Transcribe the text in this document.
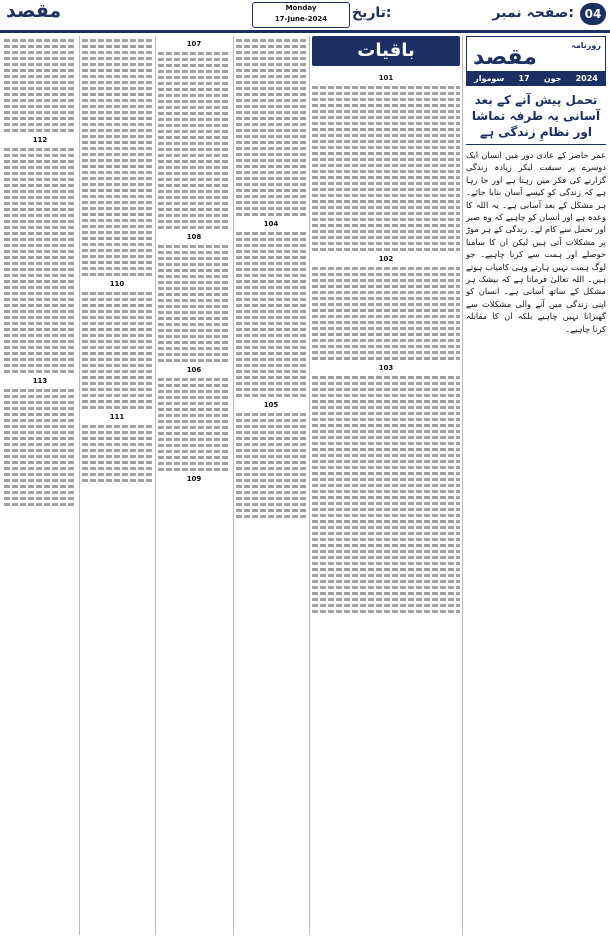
مقصد	Monday
17-June-2024	تاریخ:	صفحہ نمبر: 04
روزنامہ
مقصد
سوموار 17 جون 2024
تحمل پیش آنے کے بعد آسانی یہ طرفہ تماشا اور نظامِ زندگی ہے
عمر حاضر کے عادی دور میں انسان ایک دوسرے پر سبقت لیکر زیادہ زندگی گزارنے کی فکر میں رہتا ہے اور جا رہا ہے کہ زندگی کو کیسے آسان بنایا جائے۔ ہر مشکل کے بعد آسانی ہے۔ یہ اللہ کا وعدہ ہے اور انسان کو چاہیے کہ وہ صبر اور تحمل سے کام لے۔ زندگی کے ہر موڑ پر مشکلات آتی ہیں لیکن ان کا سامنا حوصلے اور ہمت سے کرنا چاہیے۔ جو لوگ ہمت نہیں ہارتے وہی کامیاب ہوتے ہیں۔ اللہ تعالیٰ فرماتا ہے کہ بیشک ہر مشکل کے ساتھ آسانی ہے۔ انسان کو اپنی زندگی میں آنے والی مشکلات سے گھبرانا نہیں چاہیے بلکہ ان کا مقابلہ کرنا چاہیے۔
باقیات
101
102
103
104
105
107
108
106
109
110
111
112
113
